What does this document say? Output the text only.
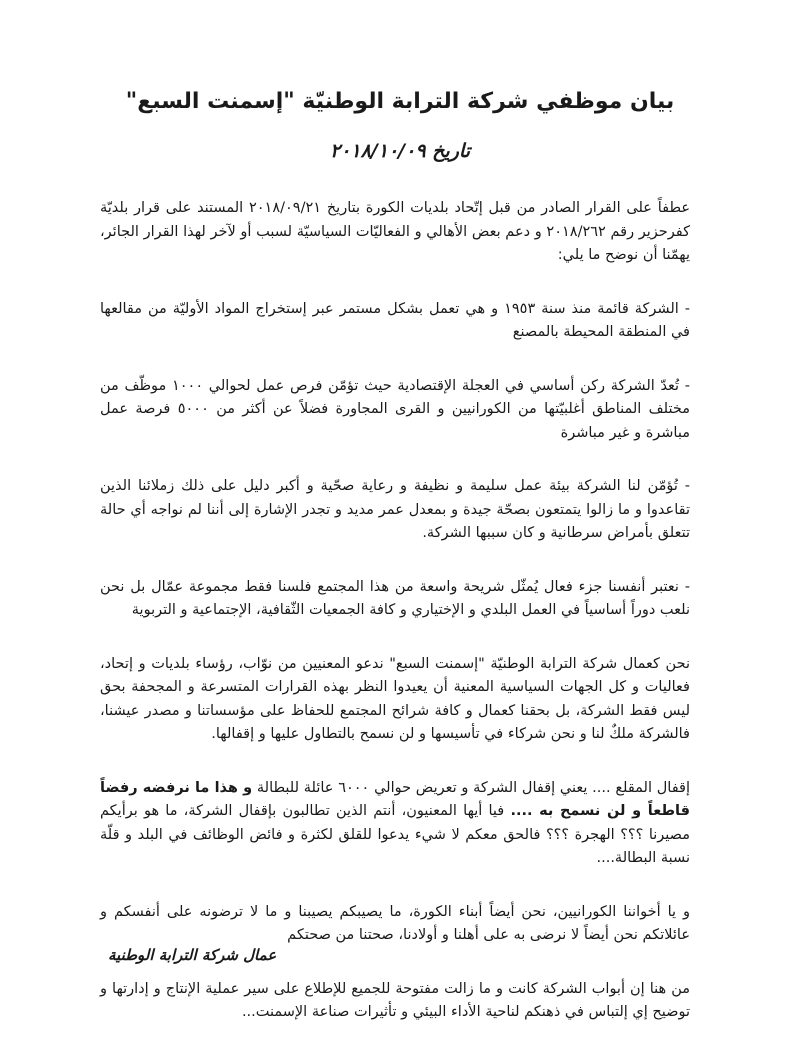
بيان موظفي شركة الترابة الوطنيّة "إسمنت السبع"
تاريخ ٢٠١٨/١٠/٠٩

عطفاً على القرار الصادر من قبل إتّحاد بلديات الكورة بتاريخ ٢٠١٨/٠٩/٢١ المستند على قرار بلديّة كفرحزير رقم ٢٠١٨/٢٦٢ و دعم بعض الأهالي و الفعاليّات السياسيّة لسبب أو لآخر لهذا القرار الجائر، يهمّنا أن نوضح ما يلي:

- الشركة قائمة منذ سنة ١٩٥٣ و هي تعمل بشكل مستمر عبر إستخراج المواد الأوليّة من مقالعها في المنطقة المحيطة بالمصنع

- تُعدّ الشركة ركن أساسي في العجلة الإقتصادية حيث تؤمّن فرص عمل لحوالي ١٠٠٠ موظّف من مختلف المناطق أغلبيّتها من الكورانيين و القرى المجاورة فضلاً عن أكثر من ٥٠٠٠ فرصة عمل مباشرة و غير مباشرة

- تُؤمّن لنا الشركة بيئة عمل سليمة و نظيفة و رعاية صحّية و أكبر دليل على ذلك زملائنا الذين تقاعدوا و ما زالوا يتمتعون بصحّة جيدة و بمعدل عمر مديد و تجدر الإشارة إلى أننا لم نواجه أي حالة تتعلق بأمراض سرطانية و كان سببها الشركة.

- نعتبر أنفسنا جزء فعال يُمثّل شريحة واسعة من هذا المجتمع فلسنا فقط مجموعة عمّال بل نحن نلعب دوراً أساسياً في العمل البلدي و الإختياري و كافة الجمعيات الثّقافية، الإجتماعية و التربوية

نحن كعمال شركة الترابة الوطنيّة "إسمنت السبع" ندعو المعنيين من نوّاب، رؤساء بلديات و إتحاد، فعاليات و كل الجهات السياسية المعنية أن يعيدوا النظر بهذه القرارات المتسرعة و المجحفة بحق ليس فقط الشركة، بل بحقنا كعمال و كافة شرائح المجتمع للحفاظ على مؤسساتنا و مصدر عيشنا، فالشركة ملكٌ لنا و نحن شركاء في تأسيسها و لن نسمح بالتطاول عليها و إقفالها.

إقفال المقلع .... يعني إقفال الشركة و تعريض حوالي ٦٠٠٠ عائلة للبطالة و هذا ما نرفضه رفضاً قاطعاً و لن نسمح به .... فيا أيها المعنيون، أنتم الذين تطالبون بإقفال الشركة، ما هو برأيكم مصيرنا ؟؟؟ الهجرة ؟؟؟ فالحق معكم لا شيء يدعوا للقلق لكثرة و فائض الوظائف في البلد و قلّة نسبة البطالة....

و يا أخواننا الكورانيين، نحن أيضاً أبناء الكورة، ما يصيبكم يصيبنا و ما لا ترضونه على أنفسكم و عائلاتكم نحن أيضاً لا نرضى به على أهلنا و أولادنا، صحتنا من صحتكم

من هنا إن أبواب الشركة كانت و ما زالت مفتوحة للجميع للإطلاع على سير عملية الإنتاج و إدارتها و توضيح إي إلتباس في ذهنكم لناحية الأداء البيئي و تأثيرات صناعة الإسمنت...

عمال شركة الترابة الوطنية
